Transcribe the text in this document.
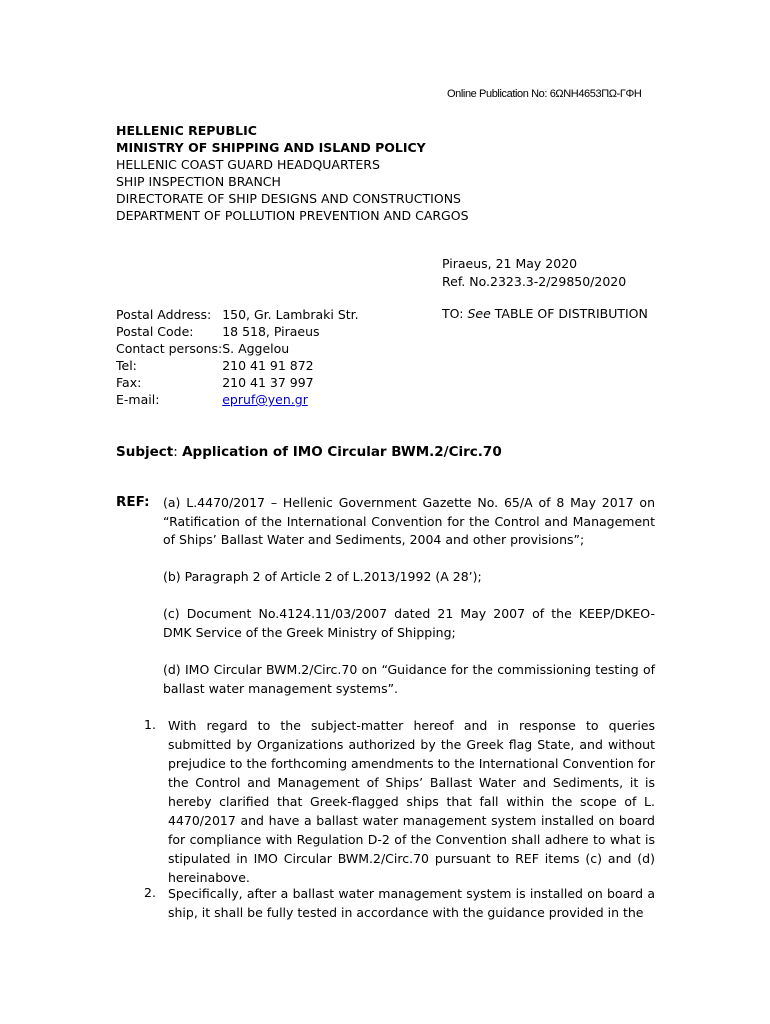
Online Publication No: 6ΩΝΗ4653ΠΩ-ΓΦΗ
HELLENIC REPUBLIC
MINISTRY OF SHIPPING AND ISLAND POLICY
HELLENIC COAST GUARD HEADQUARTERS
SHIP INSPECTION BRANCH
DIRECTORATE OF SHIP DESIGNS AND CONSTRUCTIONS
DEPARTMENT OF POLLUTION PREVENTION AND CARGOS
Piraeus, 21 May 2020
Ref. No.2323.3-2/29850/2020
Postal Address:	150, Gr. Lambraki Str.
Postal Code:	18 518, Piraeus
Contact persons:	S. Aggelou
Tel:	210 41 91 872
Fax:	210 41 37 997
E-mail:	epruf@yen.gr
TO: See TABLE OF DISTRIBUTION
Subject: Application of IMO Circular BWM.2/Circ.70
REF: (a) L.4470/2017 – Hellenic Government Gazette No. 65/A of 8 May 2017 on “Ratification of the International Convention for the Control and Management of Ships’ Ballast Water and Sediments, 2004 and other provisions”;
(b) Paragraph 2 of Article 2 of L.2013/1992 (A 28’);
(c) Document No.4124.11/03/2007 dated 21 May 2007 of the KEEP/DKEO-DMK Service of the Greek Ministry of Shipping;
(d) IMO Circular BWM.2/Circ.70 on “Guidance for the commissioning testing of ballast water management systems”.
1. With regard to the subject-matter hereof and in response to queries submitted by Organizations authorized by the Greek flag State, and without prejudice to the forthcoming amendments to the International Convention for the Control and Management of Ships’ Ballast Water and Sediments, it is hereby clarified that Greek-flagged ships that fall within the scope of L. 4470/2017 and have a ballast water management system installed on board for compliance with Regulation D-2 of the Convention shall adhere to what is stipulated in IMO Circular BWM.2/Circ.70 pursuant to REF items (c) and (d) hereinabove.
2. Specifically, after a ballast water management system is installed on board a ship, it shall be fully tested in accordance with the guidance provided in the
